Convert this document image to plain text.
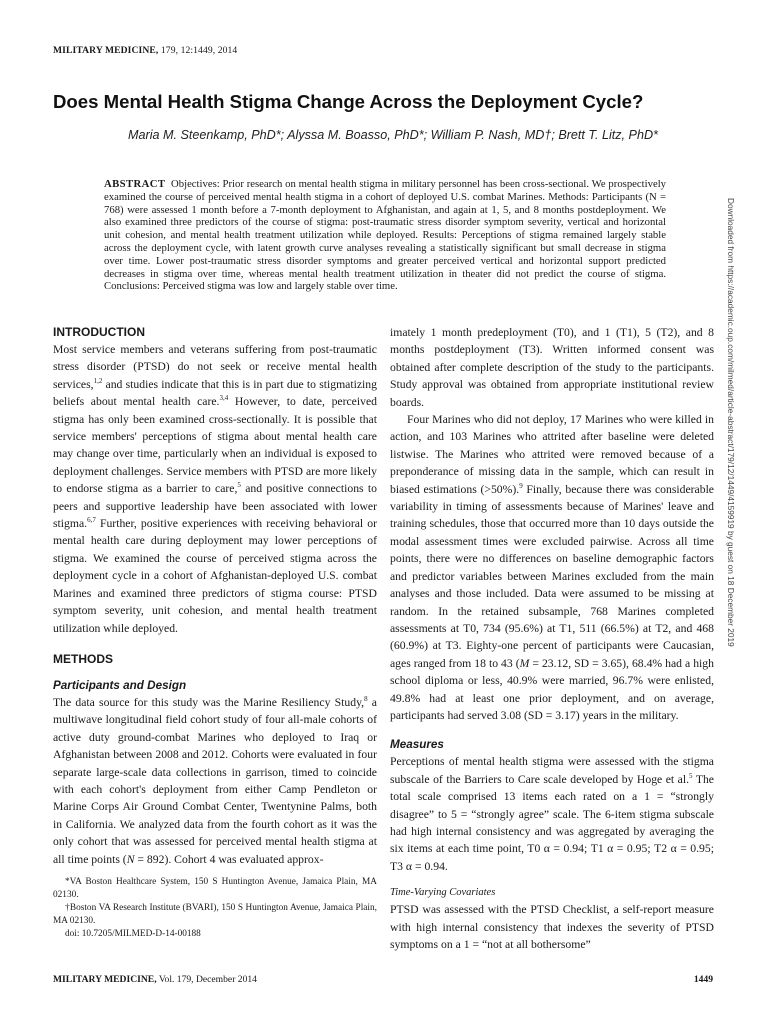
MILITARY MEDICINE, 179, 12:1449, 2014
Does Mental Health Stigma Change Across the Deployment Cycle?
Maria M. Steenkamp, PhD*; Alyssa M. Boasso, PhD*; William P. Nash, MD†; Brett T. Litz, PhD*
ABSTRACT Objectives: Prior research on mental health stigma in military personnel has been cross-sectional. We prospectively examined the course of perceived mental health stigma in a cohort of deployed U.S. combat Marines. Methods: Participants (N = 768) were assessed 1 month before a 7-month deployment to Afghanistan, and again at 1, 5, and 8 months postdeployment. We also examined three predictors of the course of stigma: post-traumatic stress disorder symptom severity, vertical and horizontal unit cohesion, and mental health treatment utilization while deployed. Results: Perceptions of stigma remained largely stable across the deployment cycle, with latent growth curve analyses revealing a statistically significant but small decrease in stigma over time. Lower post-traumatic stress disorder symptoms and greater perceived vertical and horizontal support predicted decreases in stigma over time, whereas mental health treatment utilization in theater did not predict the course of stigma. Conclusions: Perceived stigma was low and largely stable over time.	Downloaded from https://academic.oup.com/milmed/article-abstract/179/12/1449/4159919 by guest on 18 December 2019

INTRODUCTION

Most service members and veterans suffering from post-traumatic stress disorder (PTSD) do not seek or receive mental health services,$^{1,2}$ and studies indicate that this is in part due to stigmatizing beliefs about mental health care.$^{3,4}$ However, to date, perceived stigma has only been examined cross-sectionally. It is possible that service members' perceptions of stigma about mental health care may change over time, particularly when an individual is exposed to deployment challenges. Service members with PTSD are more likely to endorse stigma as a barrier to care,$^5$ and positive connections to peers and supportive leadership have been associated with lower stigma.$^{6,7}$ Further, positive experiences with receiving behavioral or mental health care during deployment may lower perceptions of stigma. We examined the course of perceived stigma across the deployment cycle in a cohort of Afghanistan-deployed U.S. combat Marines and examined three predictors of stigma course: PTSD symptom severity, unit cohesion, and mental health treatment utilization while deployed.

METHODS

Participants and Design

The data source for this study was the Marine Resiliency Study,$^8$ a multiwave longitudinal field cohort study of four all-male cohorts of active duty ground-combat Marines who deployed to Iraq or Afghanistan between 2008 and 2012. Cohorts were evaluated in four separate large-scale data collections in garrison, timed to coincide with each cohort's deployment from either Camp Pendleton or Marine Corps Air Ground Combat Center, Twentynine Palms, both in California. We analyzed data from the fourth cohort as it was the only cohort that was assessed for perceived mental health stigma at all time points (N = 892). Cohort 4 was evaluated approx-

*VA Boston Healthcare System, 150 S Huntington Avenue, Jamaica Plain, MA 02130.

†Boston VA Research Institute (BVARI), 150 S Huntington Avenue, Jamaica Plain, MA 02130.

doi: 10.7205/MILMED-D-14-00188

imately 1 month predeployment (T0), and 1 (T1), 5 (T2), and 8 months postdeployment (T3). Written informed consent was obtained after complete description of the study to the participants. Study approval was obtained from appropriate institutional review boards.

Four Marines who did not deploy, 17 Marines who were killed in action, and 103 Marines who attrited after baseline were deleted listwise. The Marines who attrited were removed because of a preponderance of missing data in the sample, which can result in biased estimations (>50%).$^9$ Finally, because there was considerable variability in timing of assessments because of Marines' leave and training schedules, those that occurred more than 10 days outside the modal assessment times were excluded pairwise. Across all time points, there were no differences on baseline demographic factors and predictor variables between Marines excluded from the main analyses and those included. Data were assumed to be missing at random. In the retained subsample, 768 Marines completed assessments at T0, 734 (95.6%) at T1, 511 (66.5%) at T2, and 468 (60.9%) at T3. Eighty-one percent of participants were Caucasian, ages ranged from 18 to 43 (M = 23.12, SD = 3.65), 68.4% had a high school diploma or less, 40.9% were married, 96.7% were enlisted, 49.8% had at least one prior deployment, and on average, participants had served 3.08 (SD = 3.17) years in the military.

Measures

Perceptions of mental health stigma were assessed with the stigma subscale of the Barriers to Care scale developed by Hoge et al.$^5$ The total scale comprised 13 items each rated on a 1 = “strongly disagree” to 5 = “strongly agree” scale. The 6-item stigma subscale had high internal consistency and was aggregated by averaging the six items at each time point, T0 α = 0.94; T1 α = 0.95; T2 α = 0.95; T3 α = 0.94.

Time-Varying Covariates

PTSD was assessed with the PTSD Checklist, a self-report measure with high internal consistency that indexes the severity of PTSD symptoms on a 1 = “not at all bothersome”

MILITARY MEDICINE, Vol. 179, December 2014	1449
